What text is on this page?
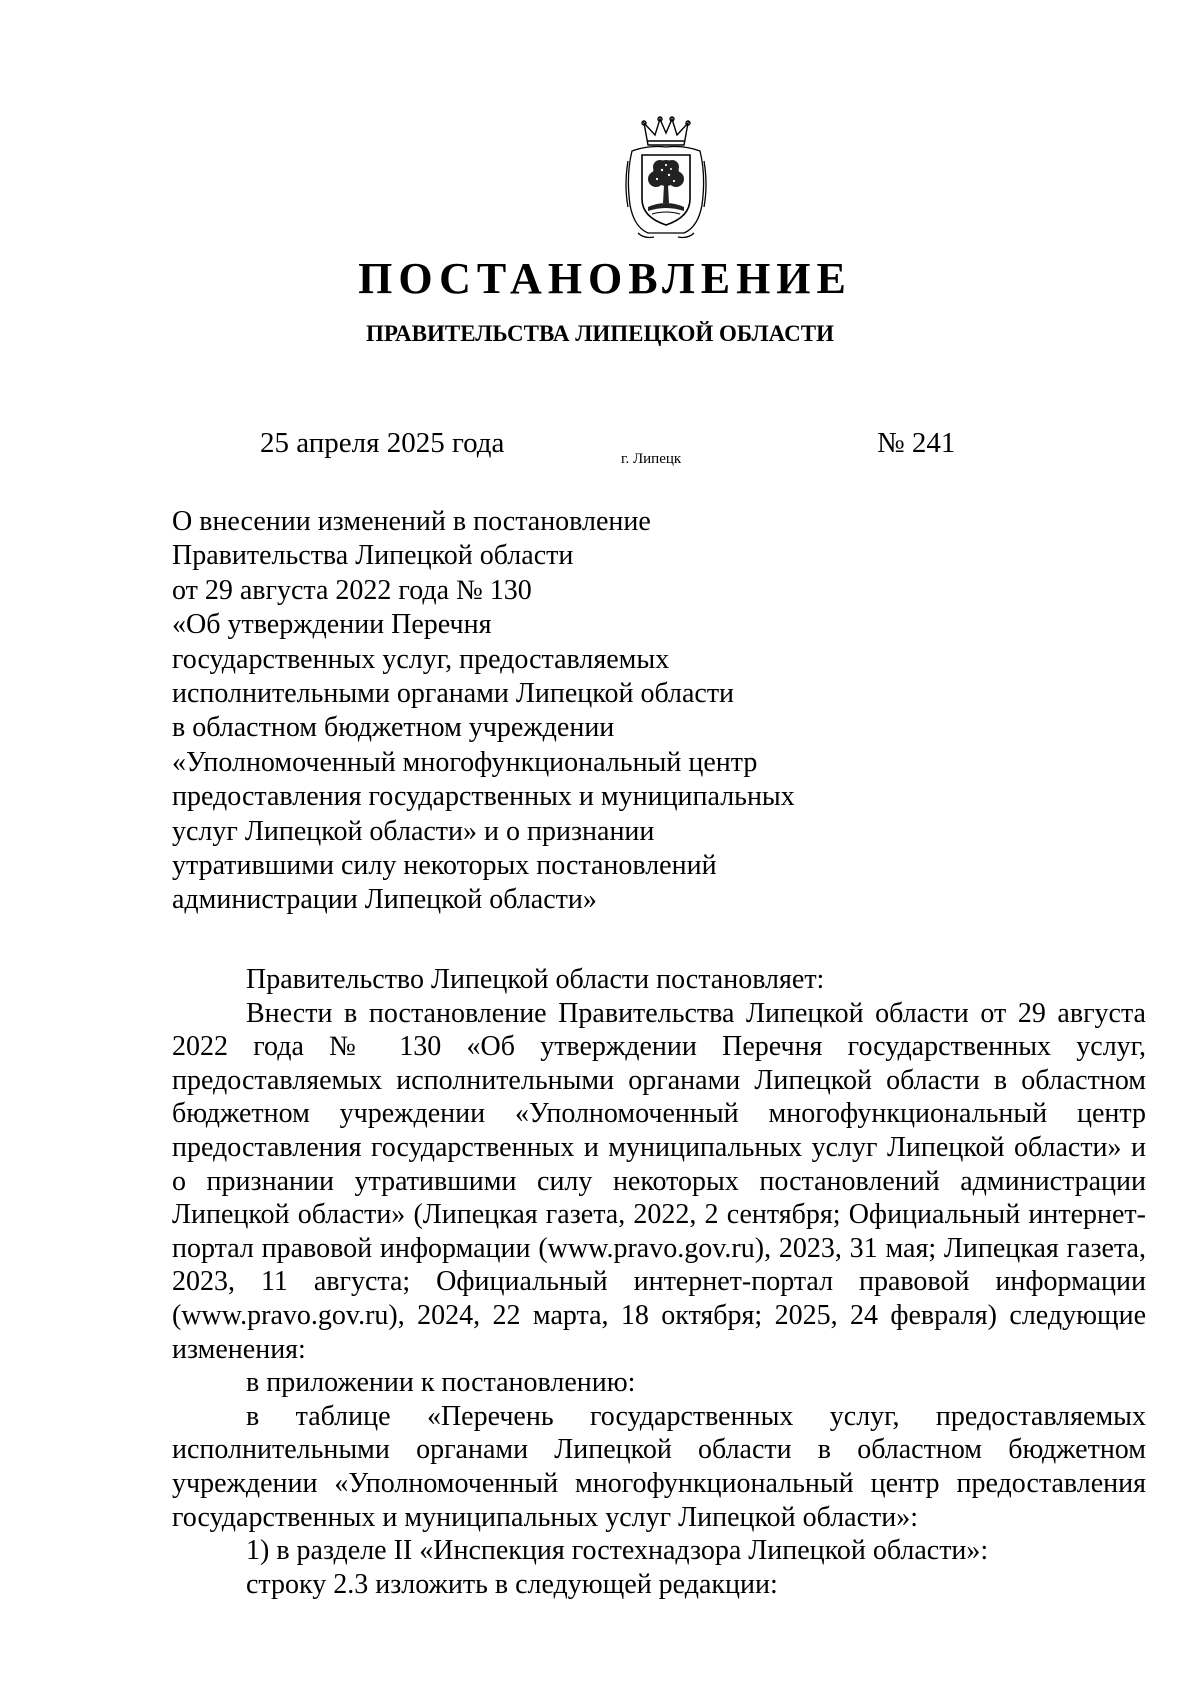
ПОСТАНОВЛЕНИЕ
ПРАВИТЕЛЬСТВА ЛИПЕЦКОЙ ОБЛАСТИ
25 апреля 2025 года	г. Липецк	№ 241
О внесении изменений в постановление
Правительства Липецкой области
от 29 августа 2022 года № 130
«Об утверждении Перечня
государственных услуг, предоставляемых
исполнительными органами Липецкой области
в областном бюджетном учреждении
«Уполномоченный многофункциональный центр
предоставления государственных и муниципальных
услуг Липецкой области» и о признании
утратившими силу некоторых постановлений
администрации Липецкой области»

Правительство Липецкой области постановляет:

Внести в постановление Правительства Липецкой области от 29 августа 2022 года № 130 «Об утверждении Перечня государственных услуг, предоставляемых исполнительными органами Липецкой области в областном бюджетном учреждении «Уполномоченный многофункциональный центр предоставления государственных и муниципальных услуг Липецкой области» и о признании утратившими силу некоторых постановлений администрации Липецкой области» (Липецкая газета, 2022, 2 сентября; Официальный интернет-портал правовой информации (www.pravo.gov.ru), 2023, 31 мая; Липецкая газета, 2023, 11 августа; Официальный интернет-портал правовой информации (www.pravo.gov.ru), 2024, 22 марта, 18 октября; 2025, 24 февраля) следующие изменения:

в приложении к постановлению:

в таблице «Перечень государственных услуг, предоставляемых исполнительными органами Липецкой области в областном бюджетном учреждении «Уполномоченный многофункциональный центр предоставления государственных и муниципальных услуг Липецкой области»:

1) в разделе II «Инспекция гостехнадзора Липецкой области»:

строку 2.3 изложить в следующей редакции:
